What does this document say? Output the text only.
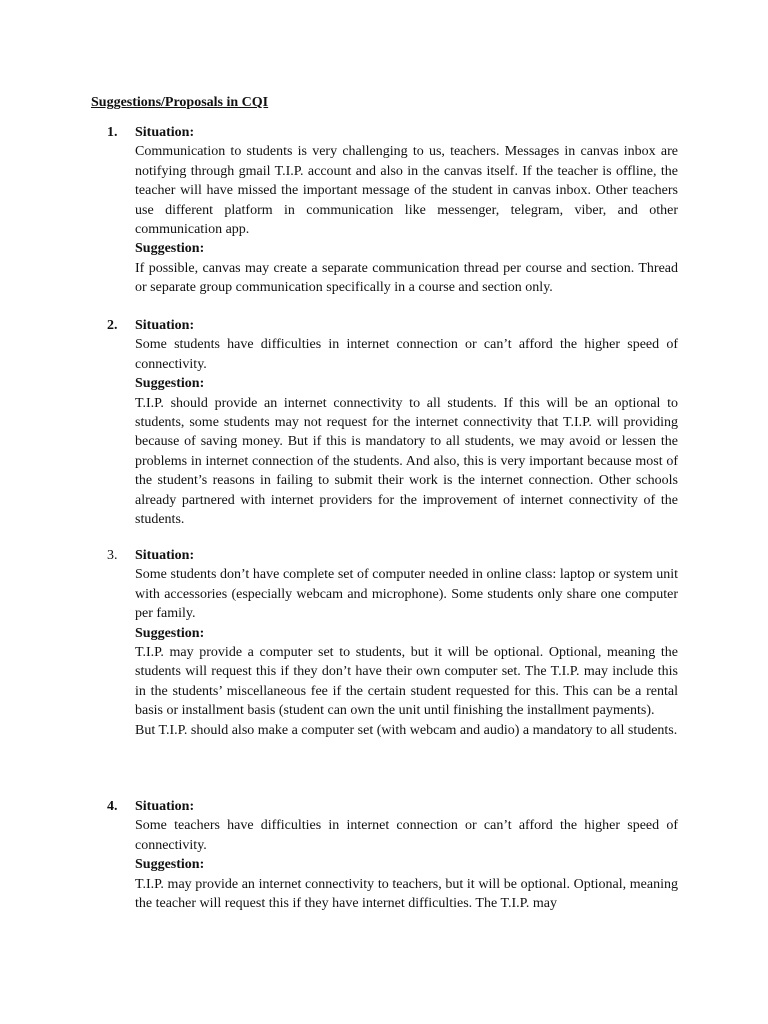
Suggestions/Proposals in CQI
1.	Situation:
Communication to students is very challenging to us, teachers. Messages in canvas inbox are notifying through gmail T.I.P. account and also in the canvas itself. If the teacher is offline, the teacher will have missed the important message of the student in canvas inbox. Other teachers use different platform in communication like messenger, telegram, viber, and other communication app.
Suggestion:
If possible, canvas may create a separate communication thread per course and section. Thread or separate group communication specifically in a course and section only.
2.	Situation:
Some students have difficulties in internet connection or can’t afford the higher speed of connectivity.
Suggestion:
T.I.P. should provide an internet connectivity to all students. If this will be an optional to students, some students may not request for the internet connectivity that T.I.P. will providing because of saving money. But if this is mandatory to all students, we may avoid or lessen the problems in internet connection of the students. And also, this is very important because most of the student’s reasons in failing to submit their work is the internet connection. Other schools already partnered with internet providers for the improvement of internet connectivity of the students.
3.	Situation:
Some students don’t have complete set of computer needed in online class: laptop or system unit with accessories (especially webcam and microphone). Some students only share one computer per family.
Suggestion:
T.I.P. may provide a computer set to students, but it will be optional. Optional, meaning the students will request this if they don’t have their own computer set. The T.I.P. may include this in the students’ miscellaneous fee if the certain student requested for this. This can be a rental basis or installment basis (student can own the unit until finishing the installment payments).
But T.I.P. should also make a computer set (with webcam and audio) a mandatory to all students.
4.	Situation:
Some teachers have difficulties in internet connection or can’t afford the higher speed of connectivity.
Suggestion:
T.I.P. may provide an internet connectivity to teachers, but it will be optional. Optional, meaning the teacher will request this if they have internet difficulties. The T.I.P. may
